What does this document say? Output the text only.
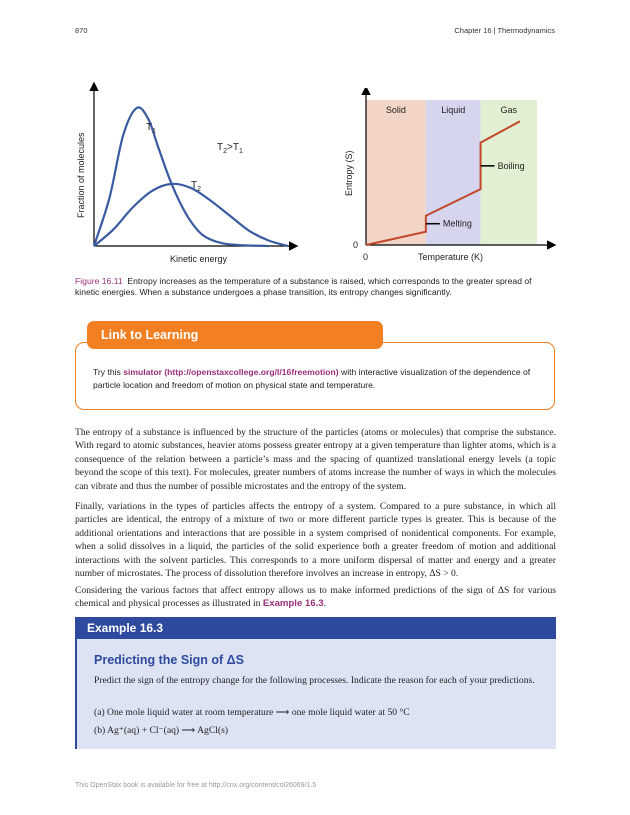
870	Chapter 16 | Thermodynamics
Fraction of molecules
Kinetic energy
$T_1$
$T_2$
$T_2>T_1$
Solid	Liquid	Gas
Melting
Boiling
0
0	Temperature (K)
Entropy (S)
Figure 16.11 Entropy increases as the temperature of a substance is raised, which corresponds to the greater spread of kinetic energies. When a substance undergoes a phase transition, its entropy changes significantly.
Link to Learning
Try this simulator (http://openstaxcollege.org/l/16freemotion) with interactive visualization of the dependence of particle location and freedom of motion on physical state and temperature.
The entropy of a substance is influenced by the structure of the particles (atoms or molecules) that comprise the substance. With regard to atomic substances, heavier atoms possess greater entropy at a given temperature than lighter atoms, which is a consequence of the relation between a particle’s mass and the spacing of quantized translational energy levels (a topic beyond the scope of this text). For molecules, greater numbers of atoms increase the number of ways in which the molecules can vibrate and thus the number of possible microstates and the entropy of the system.
Finally, variations in the types of particles affects the entropy of a system. Compared to a pure substance, in which all particles are identical, the entropy of a mixture of two or more different particle types is greater. This is because of the additional orientations and interactions that are possible in a system comprised of nonidentical components. For example, when a solid dissolves in a liquid, the particles of the solid experience both a greater freedom of motion and additional interactions with the solvent particles. This corresponds to a more uniform dispersal of matter and energy and a greater number of microstates. The process of dissolution therefore involves an increase in entropy, ΔS > 0.
Considering the various factors that affect entropy allows us to make informed predictions of the sign of ΔS for various chemical and physical processes as illustrated in Example 16.3.
Example 16.3
Predicting the Sign of ΔS
Predict the sign of the entropy change for the following processes. Indicate the reason for each of your predictions.
(a) One mole liquid water at room temperature ⟶ one mole liquid water at 50 °C
(b) Ag⁺(aq) + Cl⁻(aq) ⟶ AgCl(s)
This OpenStax book is available for free at http://cnx.org/content/col26069/1.5
